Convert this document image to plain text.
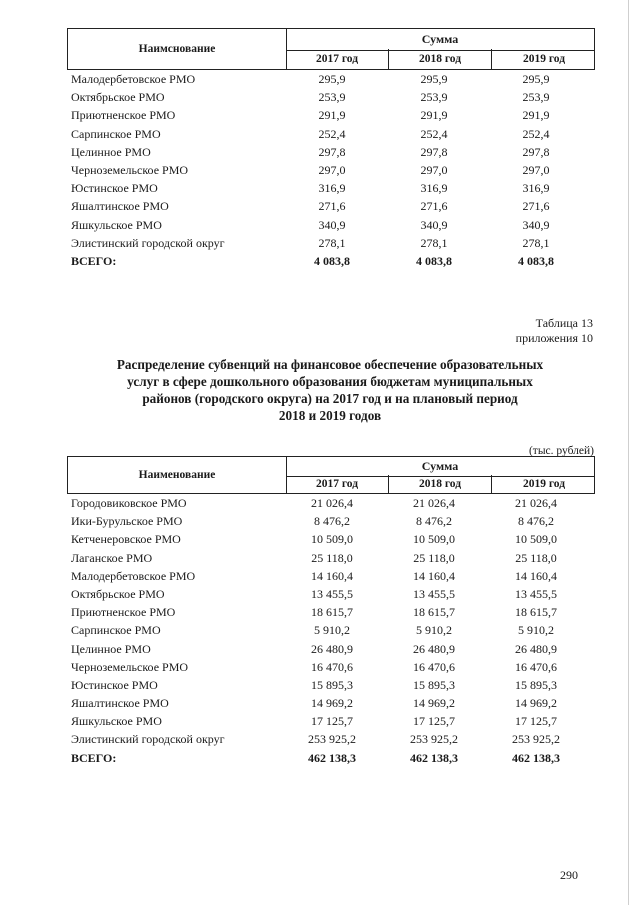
Наимснование
Сумма
2017 год	2018 год	2019 год
Малодербетовское РМО	295,9	295,9	295,9
Октябрьское РМО	253,9	253,9	253,9
Приютненское РМО	291,9	291,9	291,9
Сарпинское РМО	252,4	252,4	252,4
Целинное РМО	297,8	297,8	297,8
Черноземельское РМО	297,0	297,0	297,0
Юстинское РМО	316,9	316,9	316,9
Яшалтинское РМО	271,6	271,6	271,6
Яшкульское РМО	340,9	340,9	340,9
Элистинский городской округ	278,1	278,1	278,1
ВСЕГО:	4 083,8	4 083,8	4 083,8
Таблица 13
приложения 10
Распределение субвенций на финансовое обеспечение образовательных
услуг в сфере дошкольного образования бюджетам муниципальных
районов (городского округа) на 2017 год и на плановый период
2018 и 2019 годов
(тыс. рублей)
Наименование
Сумма
2017 год	2018 год	2019 год
Городовиковское РМО	21 026,4	21 026,4	21 026,4
Ики-Бурульское РМО	8 476,2	8 476,2	8 476,2
Кетченеровское РМО	10 509,0	10 509,0	10 509,0
Лаганское РМО	25 118,0	25 118,0	25 118,0
Малодербетовское РМО	14 160,4	14 160,4	14 160,4
Октябрьское РМО	13 455,5	13 455,5	13 455,5
Приютненское РМО	18 615,7	18 615,7	18 615,7
Сарпинское РМО	5 910,2	5 910,2	5 910,2
Целинное РМО	26 480,9	26 480,9	26 480,9
Черноземельское РМО	16 470,6	16 470,6	16 470,6
Юстинское РМО	15 895,3	15 895,3	15 895,3
Яшалтинское РМО	14 969,2	14 969,2	14 969,2
Яшкульское РМО	17 125,7	17 125,7	17 125,7
Элистинский городской округ	253 925,2	253 925,2	253 925,2
ВСЕГО:	462 138,3	462 138,3	462 138,3
290
